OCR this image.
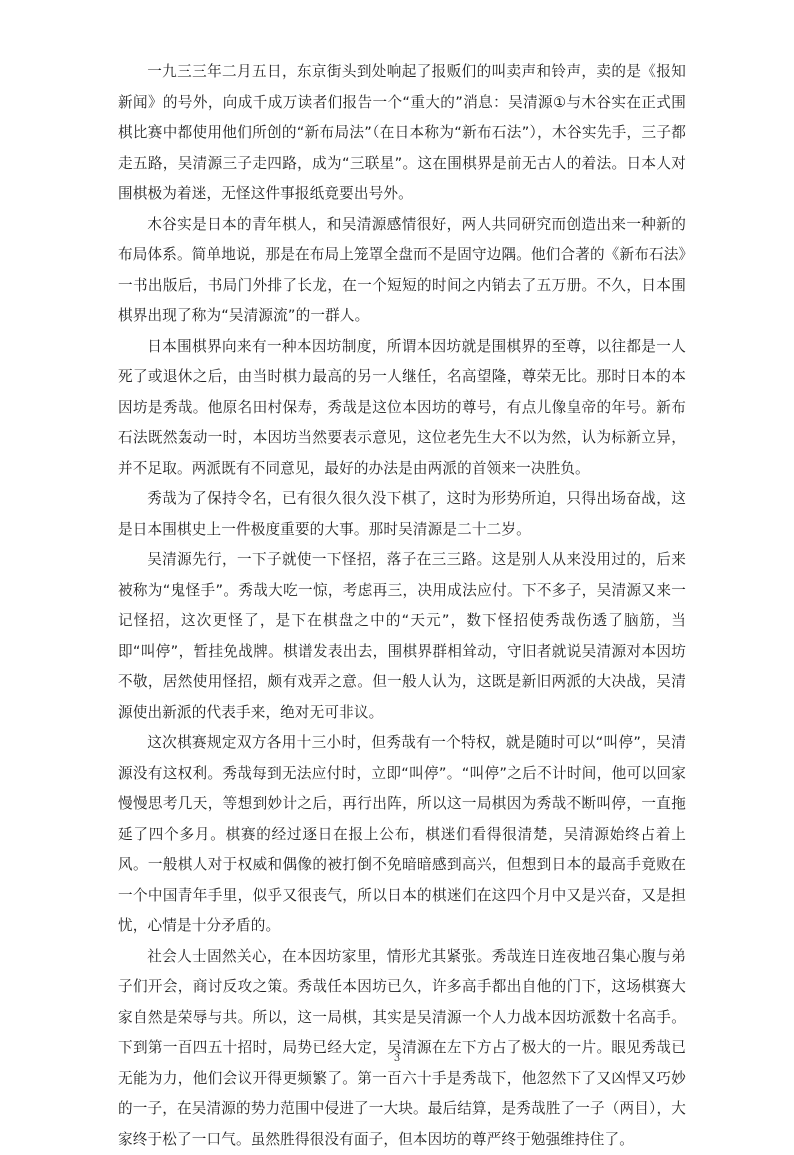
一九三三年二月五日，东京街头到处响起了报贩们的叫卖声和铃声，卖的是《报知新闻》的号外，向成千成万读者们报告一个“重大的”消息：吴清源①与木谷实在正式围棋比赛中都使用他们所创的“新布局法”（在日本称为“新布石法”），木谷实先手，三子都走五路，吴清源三子走四路，成为“三联星”。这在围棋界是前无古人的着法。日本人对围棋极为着迷，无怪这件事报纸竟要出号外。

木谷实是日本的青年棋人，和吴清源感情很好，两人共同研究而创造出来一种新的布局体系。简单地说，那是在布局上笼罩全盘而不是固守边隅。他们合著的《新布石法》一书出版后，书局门外排了长龙，在一个短短的时间之内销去了五万册。不久，日本围棋界出现了称为“吴清源流”的一群人。

日本围棋界向来有一种本因坊制度，所谓本因坊就是围棋界的至尊，以往都是一人死了或退休之后，由当时棋力最高的另一人继任，名高望隆，尊荣无比。那时日本的本因坊是秀哉。他原名田村保寿，秀哉是这位本因坊的尊号，有点儿像皇帝的年号。新布石法既然轰动一时，本因坊当然要表示意见，这位老先生大不以为然，认为标新立异，并不足取。两派既有不同意见，最好的办法是由两派的首领来一决胜负。

秀哉为了保持令名，已有很久很久没下棋了，这时为形势所迫，只得出场奋战，这是日本围棋史上一件极度重要的大事。那时吴清源是二十二岁。

吴清源先行，一下子就使一下怪招，落子在三三路。这是别人从来没用过的，后来被称为“鬼怪手”。秀哉大吃一惊，考虑再三，决用成法应付。下不多子，吴清源又来一记怪招，这次更怪了，是下在棋盘之中的“天元”，数下怪招使秀哉伤透了脑筋，当即“叫停”，暂挂免战牌。棋谱发表出去，围棋界群相耸动，守旧者就说吴清源对本因坊不敬，居然使用怪招，颇有戏弄之意。但一般人认为，这既是新旧两派的大决战，吴清源使出新派的代表手来，绝对无可非议。

这次棋赛规定双方各用十三小时，但秀哉有一个特权，就是随时可以“叫停”，吴清源没有这权利。秀哉每到无法应付时，立即“叫停”。“叫停”之后不计时间，他可以回家慢慢思考几天，等想到妙计之后，再行出阵，所以这一局棋因为秀哉不断叫停，一直拖延了四个多月。棋赛的经过逐日在报上公布，棋迷们看得很清楚，吴清源始终占着上风。一般棋人对于权威和偶像的被打倒不免暗暗感到高兴，但想到日本的最高手竟败在一个中国青年手里，似乎又很丧气，所以日本的棋迷们在这四个月中又是兴奋，又是担忧，心情是十分矛盾的。

社会人士固然关心，在本因坊家里，情形尤其紧张。秀哉连日连夜地召集心腹与弟子们开会，商讨反攻之策。秀哉任本因坊已久，许多高手都出自他的门下，这场棋赛大家自然是荣辱与共。所以，这一局棋，其实是吴清源一个人力战本因坊派数十名高手。下到第一百四五十招时，局势已经大定，吴清源在左下方占了极大的一片。眼见秀哉已无能为力，他们会议开得更频繁了。第一百六十手是秀哉下，他忽然下了又凶悍又巧妙的一子，在吴清源的势力范围中侵进了一大块。最后结算，是秀哉胜了一子（两目），大家终于松了一口气。虽然胜得很没有面子，但本因坊的尊严终于勉强维持住了。

3
